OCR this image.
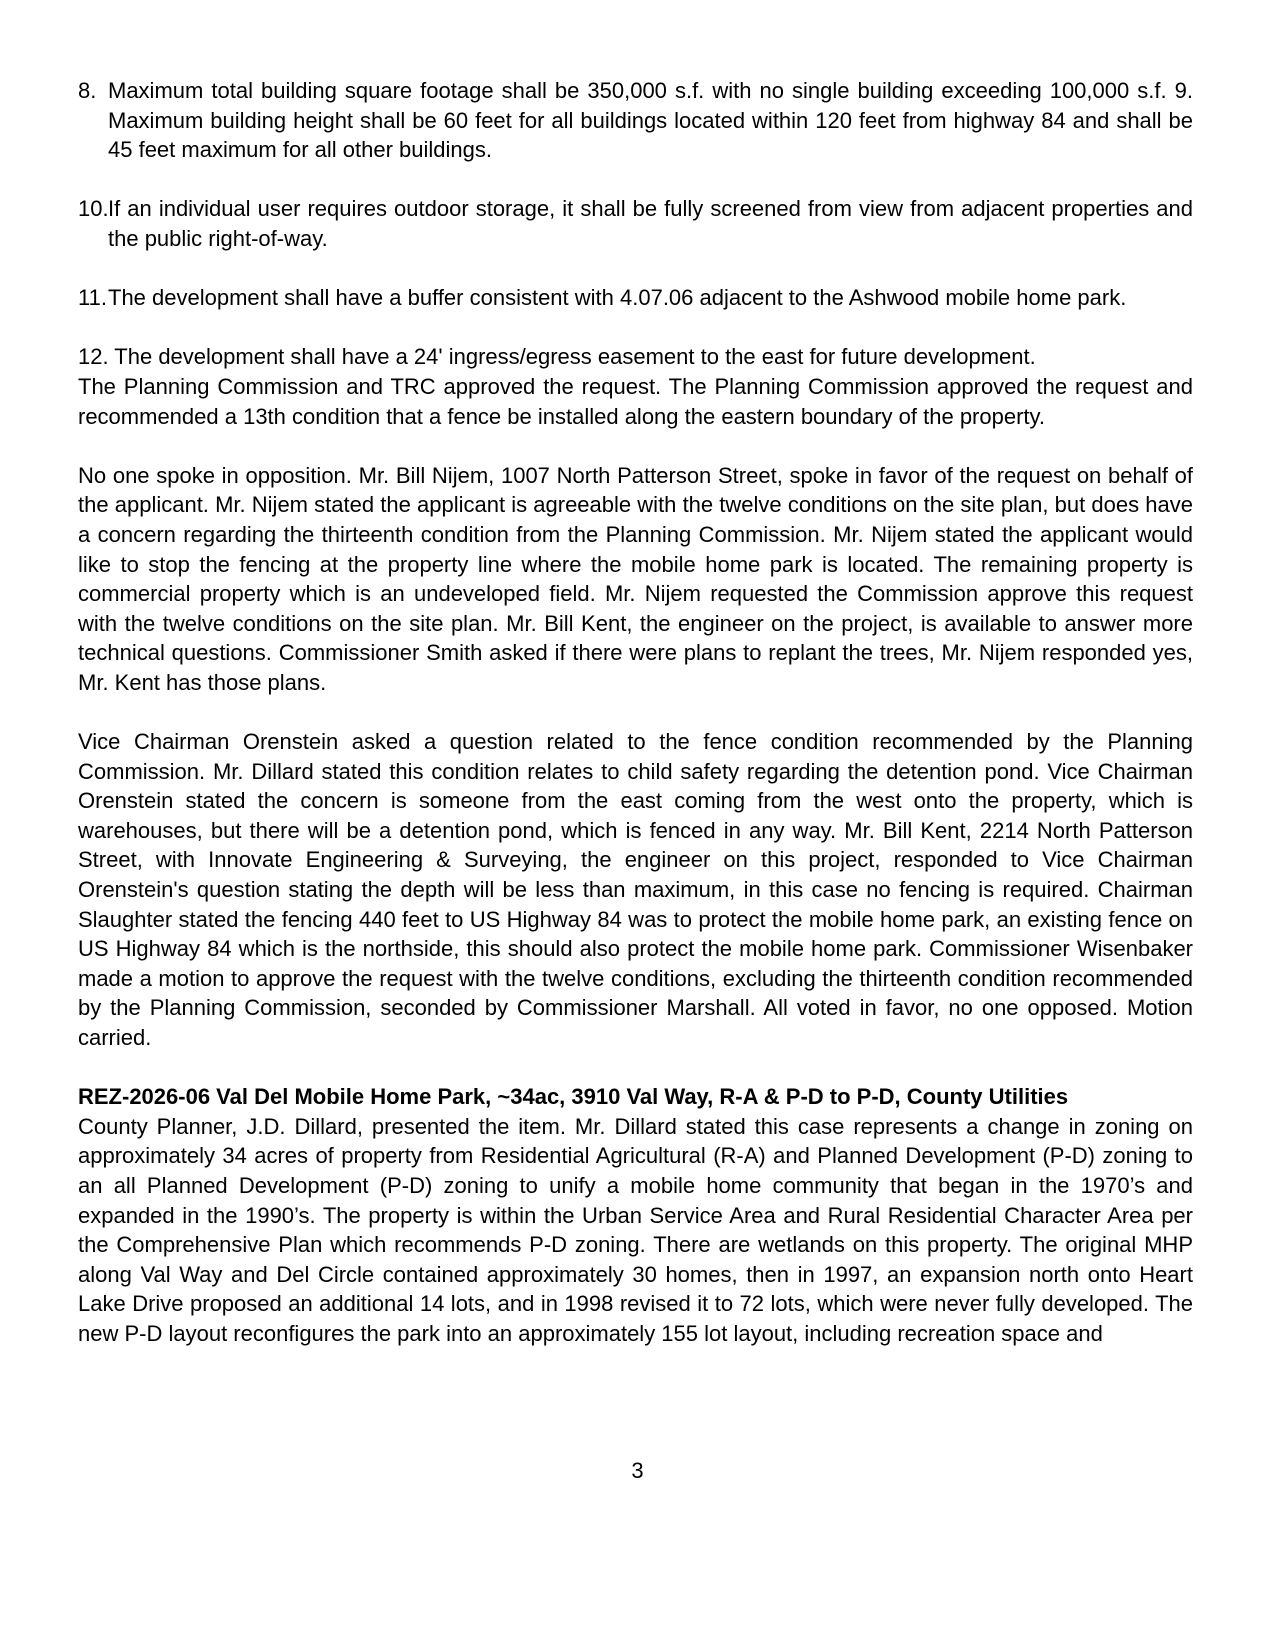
8. Maximum total building square footage shall be 350,000 s.f. with no single building exceeding 100,000 s.f. 9. Maximum building height shall be 60 feet for all buildings located within 120 feet from highway 84 and shall be 45 feet maximum for all other buildings.

10.If an individual user requires outdoor storage, it shall be fully screened from view from adjacent properties and the public right-of-way.

11.The development shall have a buffer consistent with 4.07.06 adjacent to the Ashwood mobile home park.

12. The development shall have a 24' ingress/egress easement to the east for future development.

The Planning Commission and TRC approved the request. The Planning Commission approved the request and recommended a 13th condition that a fence be installed along the eastern boundary of the property.

No one spoke in opposition. Mr. Bill Nijem, 1007 North Patterson Street, spoke in favor of the request on behalf of the applicant. Mr. Nijem stated the applicant is agreeable with the twelve conditions on the site plan, but does have a concern regarding the thirteenth condition from the Planning Commission. Mr. Nijem stated the applicant would like to stop the fencing at the property line where the mobile home park is located. The remaining property is commercial property which is an undeveloped field. Mr. Nijem requested the Commission approve this request with the twelve conditions on the site plan. Mr. Bill Kent, the engineer on the project, is available to answer more technical questions. Commissioner Smith asked if there were plans to replant the trees, Mr. Nijem responded yes, Mr. Kent has those plans.

Vice Chairman Orenstein asked a question related to the fence condition recommended by the Planning Commission. Mr. Dillard stated this condition relates to child safety regarding the detention pond. Vice Chairman Orenstein stated the concern is someone from the east coming from the west onto the property, which is warehouses, but there will be a detention pond, which is fenced in any way. Mr. Bill Kent, 2214 North Patterson Street, with Innovate Engineering & Surveying, the engineer on this project, responded to Vice Chairman Orenstein's question stating the depth will be less than maximum, in this case no fencing is required. Chairman Slaughter stated the fencing 440 feet to US Highway 84 was to protect the mobile home park, an existing fence on US Highway 84 which is the northside, this should also protect the mobile home park. Commissioner Wisenbaker made a motion to approve the request with the twelve conditions, excluding the thirteenth condition recommended by the Planning Commission, seconded by Commissioner Marshall. All voted in favor, no one opposed. Motion carried.

REZ-2026-06 Val Del Mobile Home Park, ~34ac, 3910 Val Way, R-A & P-D to P-D, County Utilities

County Planner, J.D. Dillard, presented the item. Mr. Dillard stated this case represents a change in zoning on approximately 34 acres of property from Residential Agricultural (R-A) and Planned Development (P-D) zoning to an all Planned Development (P-D) zoning to unify a mobile home community that began in the 1970’s and expanded in the 1990’s. The property is within the Urban Service Area and Rural Residential Character Area per the Comprehensive Plan which recommends P-D zoning. There are wetlands on this property. The original MHP along Val Way and Del Circle contained approximately 30 homes, then in 1997, an expansion north onto Heart Lake Drive proposed an additional 14 lots, and in 1998 revised it to 72 lots, which were never fully developed. The new P-D layout reconfigures the park into an approximately 155 lot layout, including recreation space and

3
